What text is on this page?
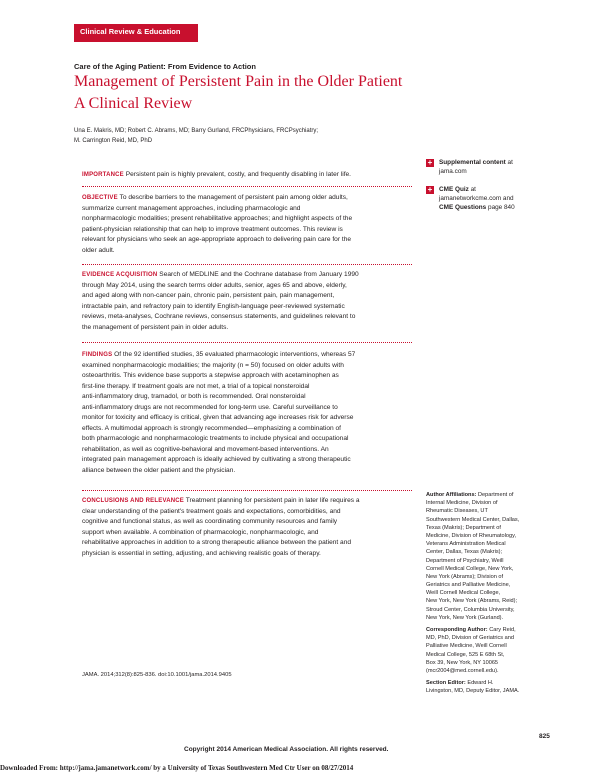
Clinical Review & Education
Care of the Aging Patient: From Evidence to Action
Management of Persistent Pain in the Older Patient
A Clinical Review
Una E. Makris, MD; Robert C. Abrams, MD; Barry Gurland, FRCPhysicians, FRCPsychiatry;
M. Carrington Reid, MD, PhD
IMPORTANCE Persistent pain is highly prevalent, costly, and frequently disabling in later life.
OBJECTIVE To describe barriers to the management of persistent pain among older adults,
summarize current management approaches, including pharmacologic and
nonpharmacologic modalities; present rehabilitative approaches; and highlight aspects of the
patient-physician relationship that can help to improve treatment outcomes. This review is
relevant for physicians who seek an age-appropriate approach to delivering pain care for the
older adult.
EVIDENCE ACQUISITION Search of MEDLINE and the Cochrane database from January 1990
through May 2014, using the search terms older adults, senior, ages 65 and above, elderly,
and aged along with non-cancer pain, chronic pain, persistent pain, pain management,
intractable pain, and refractory pain to identify English-language peer-reviewed systematic
reviews, meta-analyses, Cochrane reviews, consensus statements, and guidelines relevant to
the management of persistent pain in older adults.
FINDINGS Of the 92 identified studies, 35 evaluated pharmacologic interventions, whereas 57
examined nonpharmacologic modalities; the majority (n = 50) focused on older adults with
osteoarthritis. This evidence base supports a stepwise approach with acetaminophen as
first-line therapy. If treatment goals are not met, a trial of a topical nonsteroidal
anti-inflammatory drug, tramadol, or both is recommended. Oral nonsteroidal
anti-inflammatory drugs are not recommended for long-term use. Careful surveillance to
monitor for toxicity and efficacy is critical, given that advancing age increases risk for adverse
effects. A multimodal approach is strongly recommended—emphasizing a combination of
both pharmacologic and nonpharmacologic treatments to include physical and occupational
rehabilitation, as well as cognitive-behavioral and movement-based interventions. An
integrated pain management approach is ideally achieved by cultivating a strong therapeutic
alliance between the older patient and the physician.
CONCLUSIONS AND RELEVANCE Treatment planning for persistent pain in later life requires a
clear understanding of the patient's treatment goals and expectations, comorbidities, and
cognitive and functional status, as well as coordinating community resources and family
support when available. A combination of pharmacologic, nonpharmacologic, and
rehabilitative approaches in addition to a strong therapeutic alliance between the patient and
physician is essential in setting, adjusting, and achieving realistic goals of therapy.
+ Supplemental content at
jama.com
+ CME Quiz at
jamanetworkcme.com and
CME Questions page 840
Author Affiliations: Department of
Internal Medicine, Division of
Rheumatic Diseases, UT
Southwestern Medical Center, Dallas,
Texas (Makris); Department of
Medicine, Division of Rheumatology,
Veterans Administration Medical
Center, Dallas, Texas (Makris);
Department of Psychiatry, Weill
Cornell Medical College, New York,
New York (Abrams); Division of
Geriatrics and Palliative Medicine,
Weill Cornell Medical College,
New York, New York (Abrams, Reid);
Stroud Center, Columbia University,
New York, New York (Gurland).
Corresponding Author: Cary Reid,
MD, PhD, Division of Geriatrics and
Palliative Medicine, Weill Cornell
Medical College, 525 E 68th St,
Box 39, New York, NY 10065
(mcr2004@med.cornell.edu).
Section Editor: Edward H.
Livingston, MD, Deputy Editor, JAMA.
JAMA. 2014;312(8):825-836. doi:10.1001/jama.2014.9405
825
Copyright 2014 American Medical Association. All rights reserved.
Downloaded From: http://jama.jamanetwork.com/ by a University of Texas Southwestern Med Ctr User on 08/27/2014
